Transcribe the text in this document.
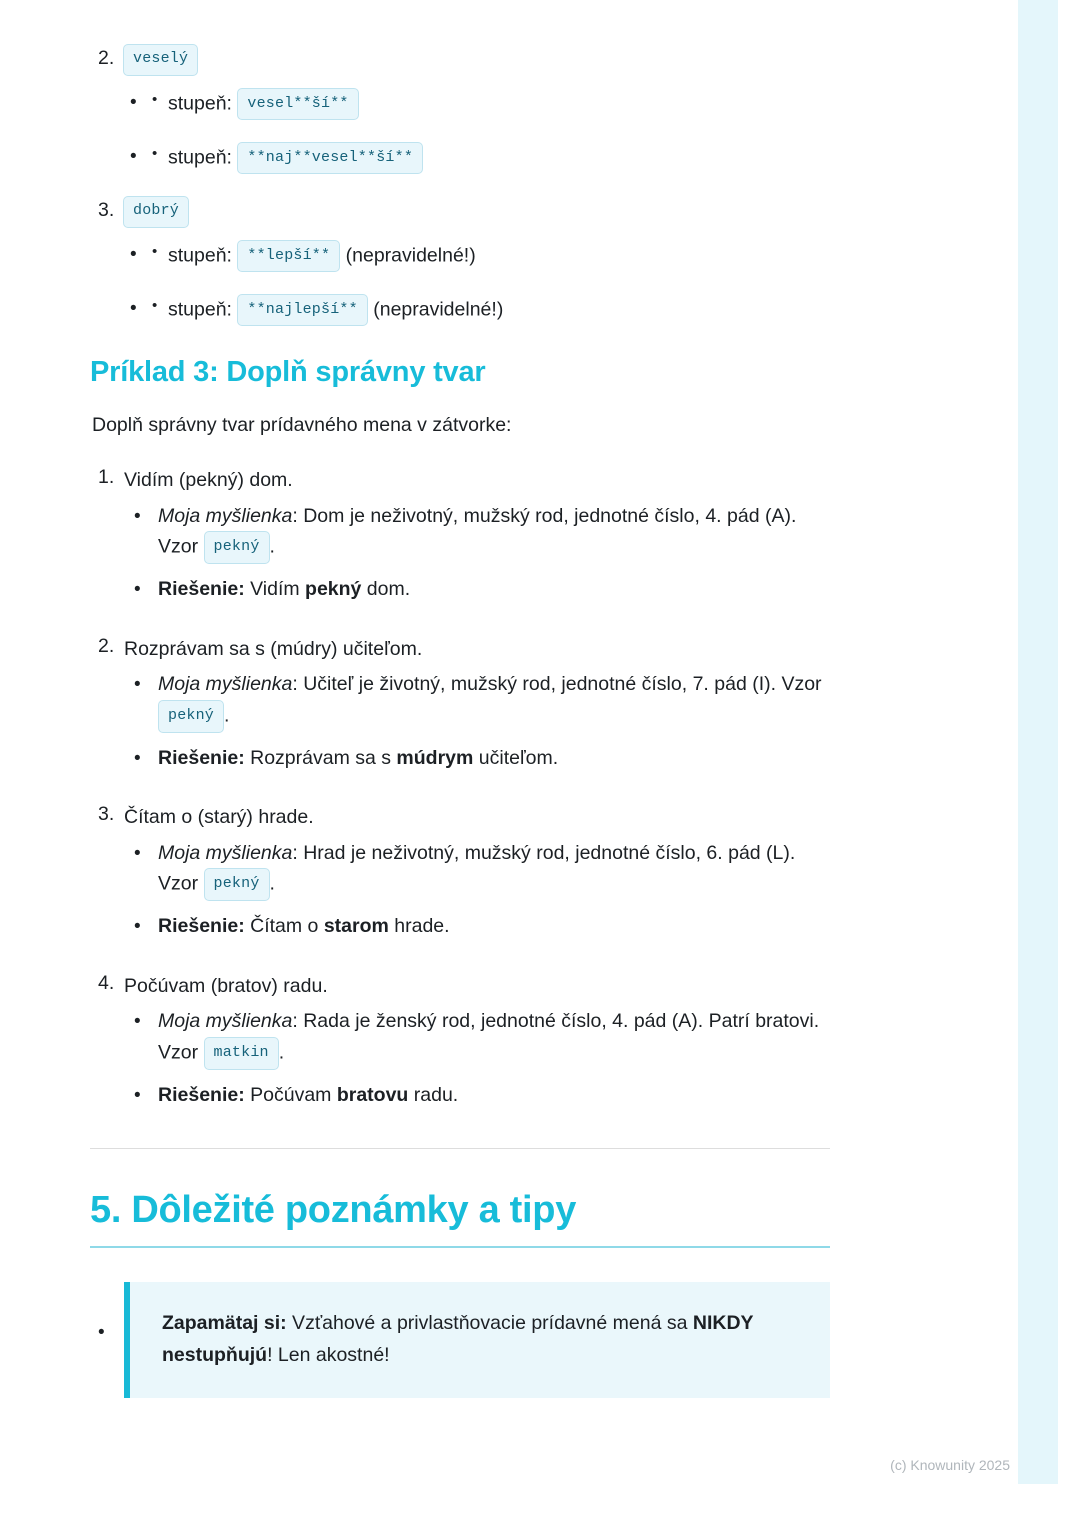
2. veselý
• • stupeň: vesel**ší**
• • stupeň: **naj**vesel**ší**
3. dobrý
• • stupeň: **lepší** (nepravidelné!)
• • stupeň: **najlepší** (nepravidelné!)
Príklad 3: Doplň správny tvar

Doplň správny tvar prídavného mena v zátvorke:

1. Vidím (pekný) dom.
• Moja myšlienka: Dom je neživotný, mužský rod, jednotné číslo, 4. pád (A). Vzor pekný .
• Riešenie: Vidím pekný dom.
2. Rozprávam sa s (múdry) učiteľom.
• Moja myšlienka: Učiteľ je životný, mužský rod, jednotné číslo, 7. pád (I). Vzor pekný .
• Riešenie: Rozprávam sa s múdrym učiteľom.
3. Čítam o (starý) hrade.
• Moja myšlienka: Hrad je neživotný, mužský rod, jednotné číslo, 6. pád (L). Vzor pekný .
• Riešenie: Čítam o starom hrade.
4. Počúvam (bratov) radu.
• Moja myšlienka: Rada je ženský rod, jednotné číslo, 4. pád (A). Patrí bratovi. Vzor matkin .
• Riešenie: Počúvam bratovu radu.
5. Dôležité poznámky a tipy
•	Zapamätaj si: Vzťahové a privlastňovacie prídavné mená sa NIKDY nestupňujú! Len akostné!
(c) Knowunity 2025
